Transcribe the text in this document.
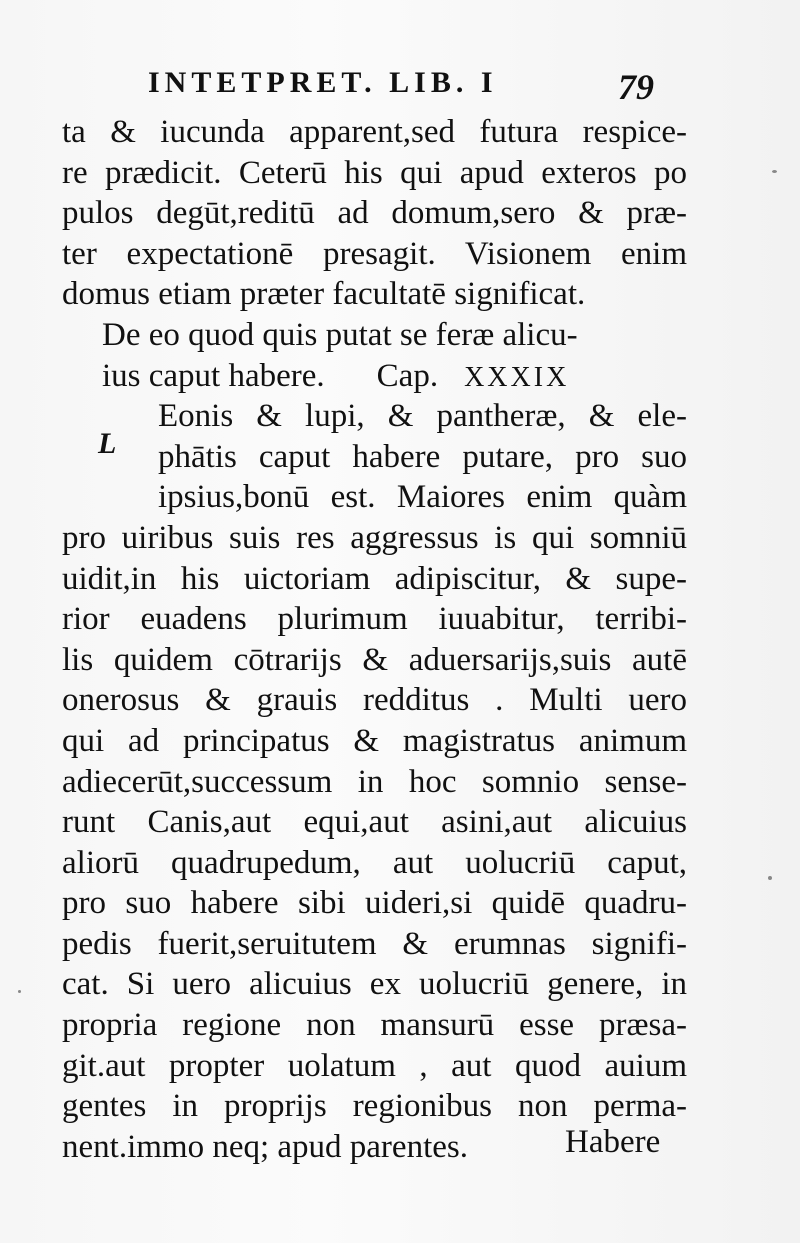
INTETPRET. LIB. I	79
ta & iucunda apparent,sed futura respice-
re prædicit. Ceterū his qui apud exteros po
pulos degūt,reditū ad domum,sero & præ-
ter expectationē presagit. Visionem enim
domus etiam præter facultatē significat.
De eo quod quis putat se feræ alicu-
ius caput habere. Cap. XXXIX
Eonis & lupi, & pantheræ, & ele-
phātis caput habere putare, pro suo
ipsius,bonū est. Maiores enim quàm
pro uiribus suis res aggressus is qui somniū
uidit,in his uictoriam adipiscitur, & supe-
rior euadens plurimum iuuabitur, terribi-
lis quidem cōtrarijs & aduersarijs,suis autē
onerosus & grauis redditus . Multi uero
qui ad principatus & magistratus animum
adiecerūt,successum in hoc somnio sense-
runt Canis,aut equi,aut asini,aut alicuius
aliorū quadrupedum, aut uolucriū caput,
pro suo habere sibi uideri,si quidē quadru-
pedis fuerit,seruitutem & erumnas signifi-
cat. Si uero alicuius ex uolucriū genere, in
propria regione non mansurū esse præsa-
git.aut propter uolatum , aut quod auium
gentes in proprijs regionibus non perma-
nent.immo neq; apud parentes.
L
Habere
